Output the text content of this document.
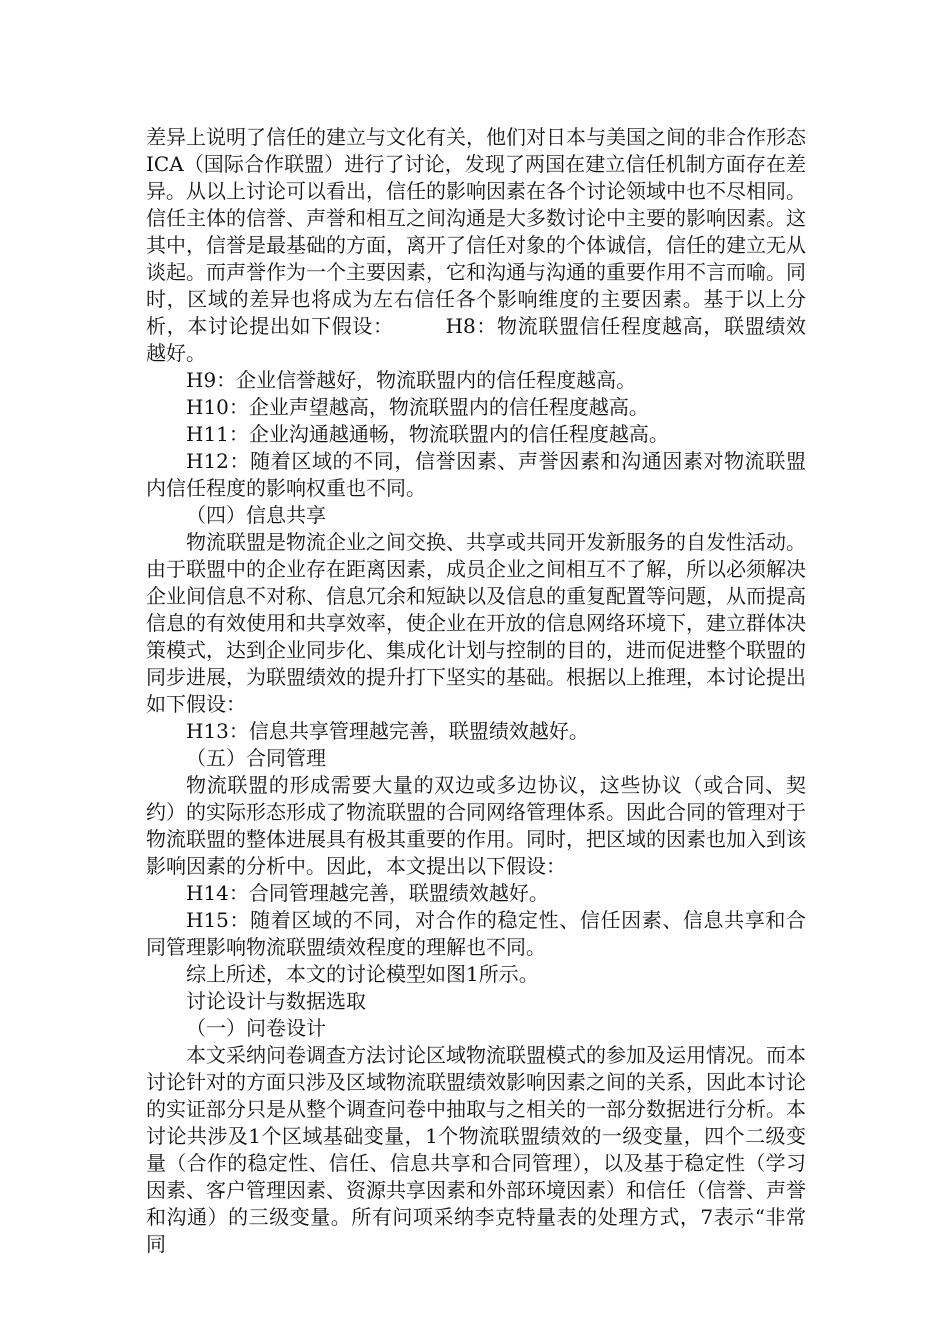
差异上说明了信任的建立与文化有关，他们对日本与美国之间的非合作形态ICA（国际合作联盟）进行了讨论，发现了两国在建立信任机制方面存在差异。从以上讨论可以看出，信任的影响因素在各个讨论领域中也不尽相同。信任主体的信誉、声誉和相互之间沟通是大多数讨论中主要的影响因素。这其中，信誉是最基础的方面，离开了信任对象的个体诚信，信任的建立无从谈起。而声誉作为一个主要因素，它和沟通与沟通的重要作用不言而喻。同时，区域的差异也将成为左右信任各个影响维度的主要因素。基于以上分析，本讨论提出如下假设：　　　H8：物流联盟信任程度越高，联盟绩效越好。

H9：企业信誉越好，物流联盟内的信任程度越高。

H10：企业声望越高，物流联盟内的信任程度越高。

H11：企业沟通越通畅，物流联盟内的信任程度越高。

H12：随着区域的不同，信誉因素、声誉因素和沟通因素对物流联盟内信任程度的影响权重也不同。

（四）信息共享

物流联盟是物流企业之间交换、共享或共同开发新服务的自发性活动。由于联盟中的企业存在距离因素，成员企业之间相互不了解，所以必须解决企业间信息不对称、信息冗余和短缺以及信息的重复配置等问题，从而提高信息的有效使用和共享效率，使企业在开放的信息网络环境下，建立群体决策模式，达到企业同步化、集成化计划与控制的目的，进而促进整个联盟的同步进展，为联盟绩效的提升打下坚实的基础。根据以上推理，本讨论提出如下假设：

H13：信息共享管理越完善，联盟绩效越好。

（五）合同管理

物流联盟的形成需要大量的双边或多边协议，这些协议（或合同、契约）的实际形态形成了物流联盟的合同网络管理体系。因此合同的管理对于物流联盟的整体进展具有极其重要的作用。同时，把区域的因素也加入到该影响因素的分析中。因此，本文提出以下假设：

H14：合同管理越完善，联盟绩效越好。

H15：随着区域的不同，对合作的稳定性、信任因素、信息共享和合同管理影响物流联盟绩效程度的理解也不同。

综上所述，本文的讨论模型如图1所示。

讨论设计与数据选取

（一）问卷设计

本文采纳问卷调查方法讨论区域物流联盟模式的参加及运用情况。而本讨论针对的方面只涉及区域物流联盟绩效影响因素之间的关系，因此本讨论的实证部分只是从整个调查问卷中抽取与之相关的一部分数据进行分析。本讨论共涉及1个区域基础变量，1个物流联盟绩效的一级变量，四个二级变量（合作的稳定性、信任、信息共享和合同管理），以及基于稳定性（学习因素、客户管理因素、资源共享因素和外部环境因素）和信任（信誉、声誉和沟通）的三级变量。所有问项采纳李克特量表的处理方式，7表示“非常同
